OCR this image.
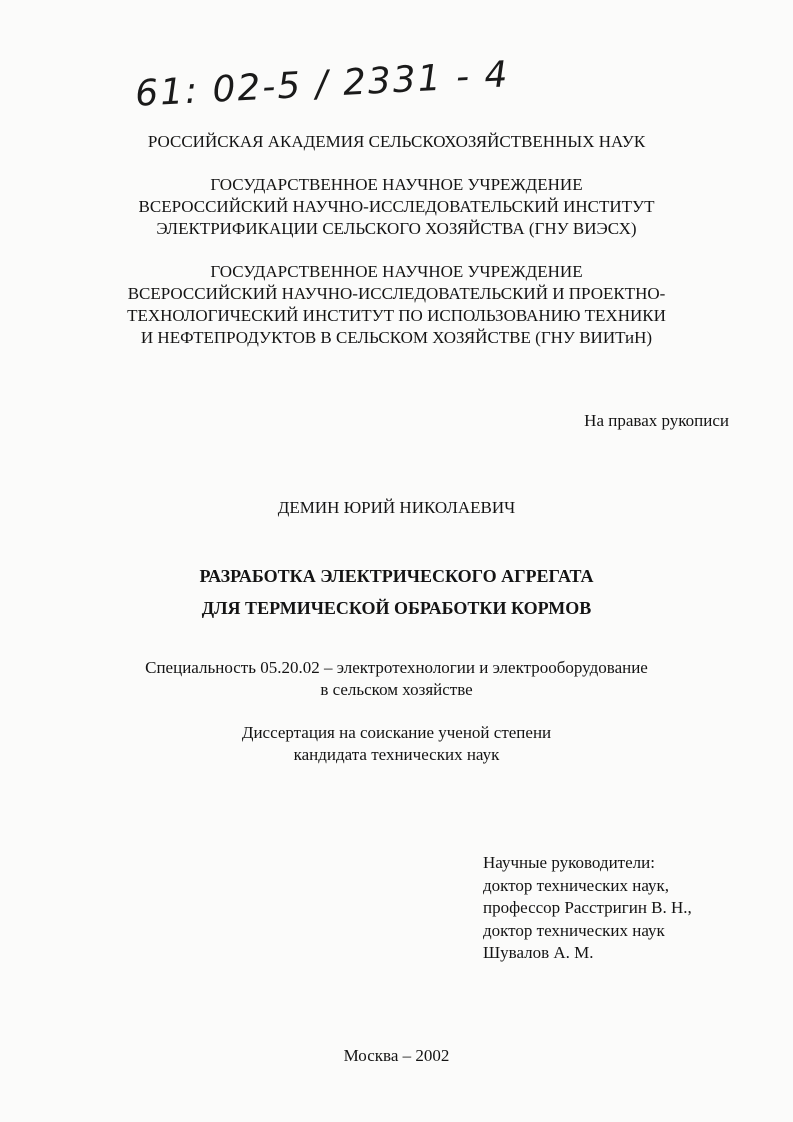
61: 02-5 / 2331 - 4
РОССИЙСКАЯ АКАДЕМИЯ СЕЛЬСКОХОЗЯЙСТВЕННЫХ НАУК
ГОСУДАРСТВЕННОЕ НАУЧНОЕ УЧРЕЖДЕНИЕ
ВСЕРОССИЙСКИЙ НАУЧНО-ИССЛЕДОВАТЕЛЬСКИЙ ИНСТИТУТ
ЭЛЕКТРИФИКАЦИИ СЕЛЬСКОГО ХОЗЯЙСТВА (ГНУ ВИЭСХ)
ГОСУДАРСТВЕННОЕ НАУЧНОЕ УЧРЕЖДЕНИЕ
ВСЕРОССИЙСКИЙ НАУЧНО-ИССЛЕДОВАТЕЛЬСКИЙ И ПРОЕКТНО-
ТЕХНОЛОГИЧЕСКИЙ ИНСТИТУТ ПО ИСПОЛЬЗОВАНИЮ ТЕХНИКИ
И НЕФТЕПРОДУКТОВ В СЕЛЬСКОМ ХОЗЯЙСТВЕ (ГНУ ВИИТиН)
На правах рукописи
ДЕМИН ЮРИЙ НИКОЛАЕВИЧ
РАЗРАБОТКА ЭЛЕКТРИЧЕСКОГО АГРЕГАТА
ДЛЯ ТЕРМИЧЕСКОЙ ОБРАБОТКИ КОРМОВ
Специальность 05.20.02 – электротехнологии и электрооборудование
в сельском хозяйстве
Диссертация на соискание ученой степени
кандидата технических наук
Научные руководители:
доктор технических наук,
профессор Расстригин В. Н.,
доктор технических наук
Шувалов А. М.
Москва – 2002
